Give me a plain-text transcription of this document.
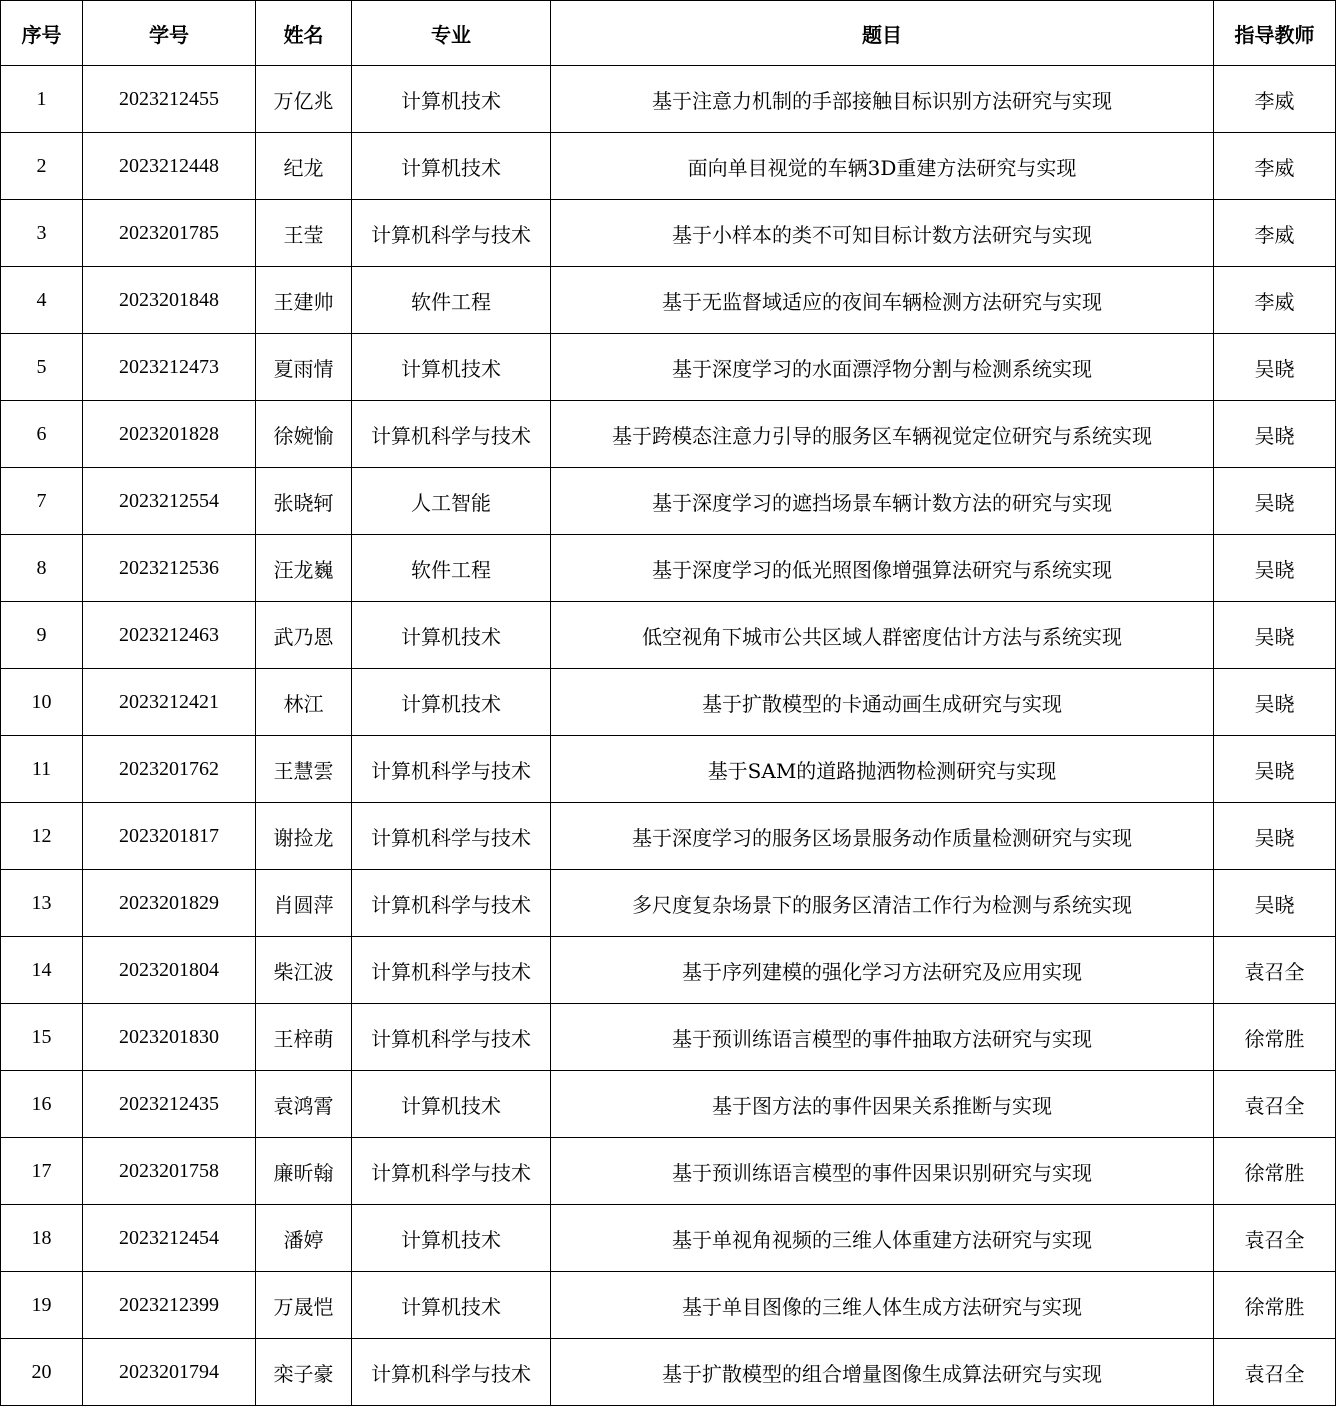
序号	学号	姓名	专业	题目	指导教师
1	2023212455	万亿兆	计算机技术	基于注意力机制的手部接触目标识别方法研究与实现	李威
2	2023212448	纪龙	计算机技术	面向单目视觉的车辆3D重建方法研究与实现	李威
3	2023201785	王莹	计算机科学与技术	基于小样本的类不可知目标计数方法研究与实现	李威
4	2023201848	王建帅	软件工程	基于无监督域适应的夜间车辆检测方法研究与实现	李威
5	2023212473	夏雨情	计算机技术	基于深度学习的水面漂浮物分割与检测系统实现	吴晓
6	2023201828	徐婉愉	计算机科学与技术	基于跨模态注意力引导的服务区车辆视觉定位研究与系统实现	吴晓
7	2023212554	张晓轲	人工智能	基于深度学习的遮挡场景车辆计数方法的研究与实现	吴晓
8	2023212536	汪龙巍	软件工程	基于深度学习的低光照图像增强算法研究与系统实现	吴晓
9	2023212463	武乃恩	计算机技术	低空视角下城市公共区域人群密度估计方法与系统实现	吴晓
10	2023212421	林江	计算机技术	基于扩散模型的卡通动画生成研究与实现	吴晓
11	2023201762	王慧雲	计算机科学与技术	基于SAM的道路抛洒物检测研究与实现	吴晓
12	2023201817	谢捡龙	计算机科学与技术	基于深度学习的服务区场景服务动作质量检测研究与实现	吴晓
13	2023201829	肖圆萍	计算机科学与技术	多尺度复杂场景下的服务区清洁工作行为检测与系统实现	吴晓
14	2023201804	柴江波	计算机科学与技术	基于序列建模的强化学习方法研究及应用实现	袁召全
15	2023201830	王梓萌	计算机科学与技术	基于预训练语言模型的事件抽取方法研究与实现	徐常胜
16	2023212435	袁鸿霄	计算机技术	基于图方法的事件因果关系推断与实现	袁召全
17	2023201758	廉昕翰	计算机科学与技术	基于预训练语言模型的事件因果识别研究与实现	徐常胜
18	2023212454	潘婷	计算机技术	基于单视角视频的三维人体重建方法研究与实现	袁召全
19	2023212399	万晟恺	计算机技术	基于单目图像的三维人体生成方法研究与实现	徐常胜
20	2023201794	栾子豪	计算机科学与技术	基于扩散模型的组合增量图像生成算法研究与实现	袁召全
